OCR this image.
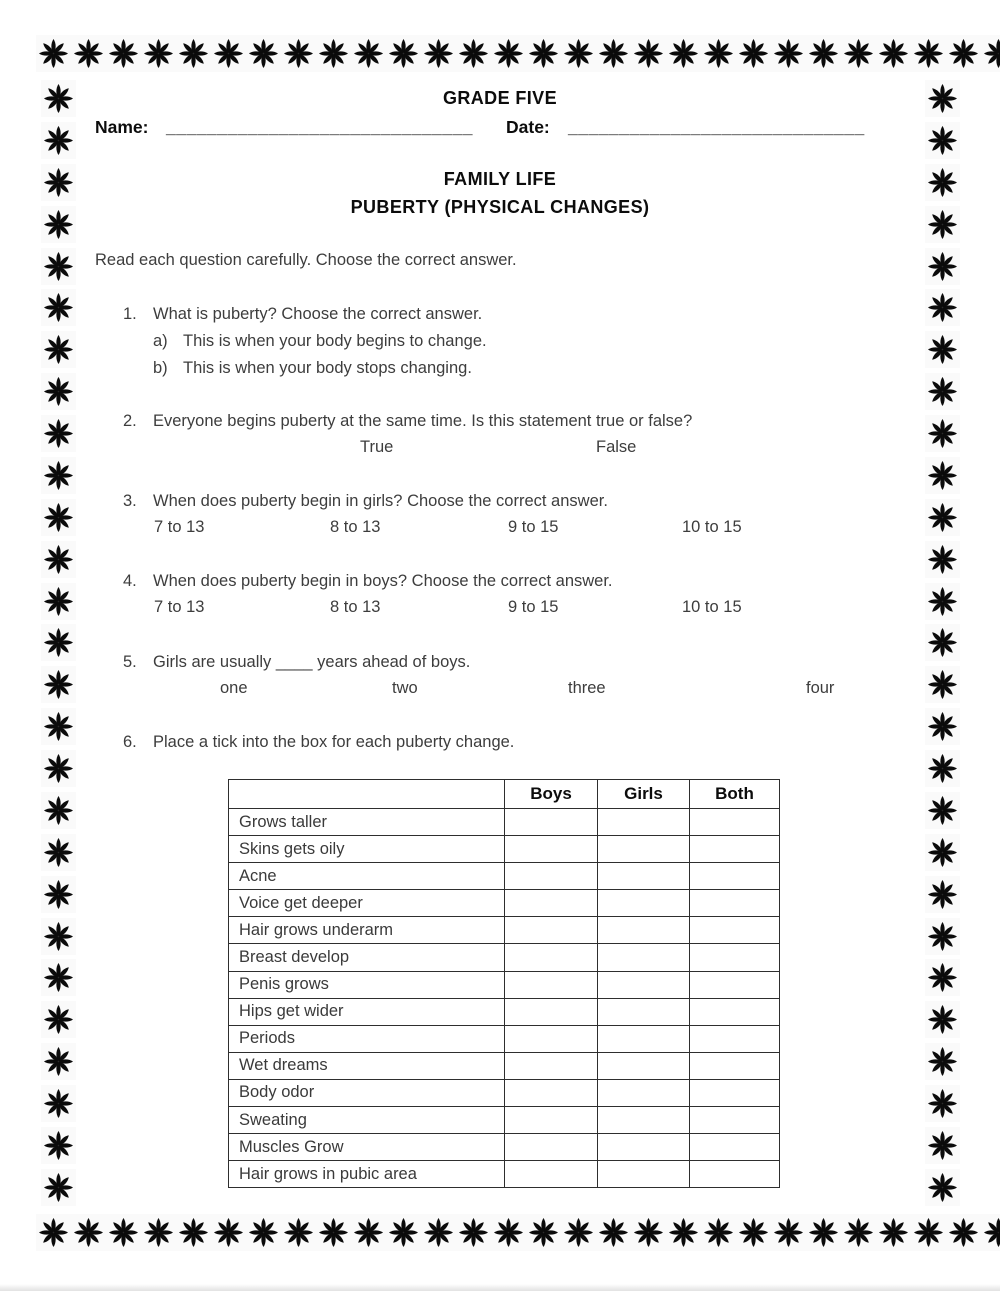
GRADE FIVE
Name: ______________________________ Date: _____________________________
FAMILY LIFE
PUBERTY (PHYSICAL CHANGES)
Read each question carefully. Choose the correct answer.
1. What is puberty? Choose the correct answer.
a) This is when your body begins to change.
b) This is when your body stops changing.
2. Everyone begins puberty at the same time. Is this statement true or false?
True	False
3. When does puberty begin in girls? Choose the correct answer.
7 to 13	8 to 13	9 to 15	10 to 15
4. When does puberty begin in boys? Choose the correct answer.
7 to 13	8 to 13	9 to 15	10 to 15
5. Girls are usually ____ years ahead of boys.
one	two	three	four
6. Place a tick into the box for each puberty change.
	Boys	Girls	Both
Grows taller			
Skins gets oily			
Acne			
Voice get deeper			
Hair grows underarm			
Breast develop			
Penis grows			
Hips get wider			
Periods			
Wet dreams			
Body odor			
Sweating			
Muscles Grow			
Hair grows in pubic area			
